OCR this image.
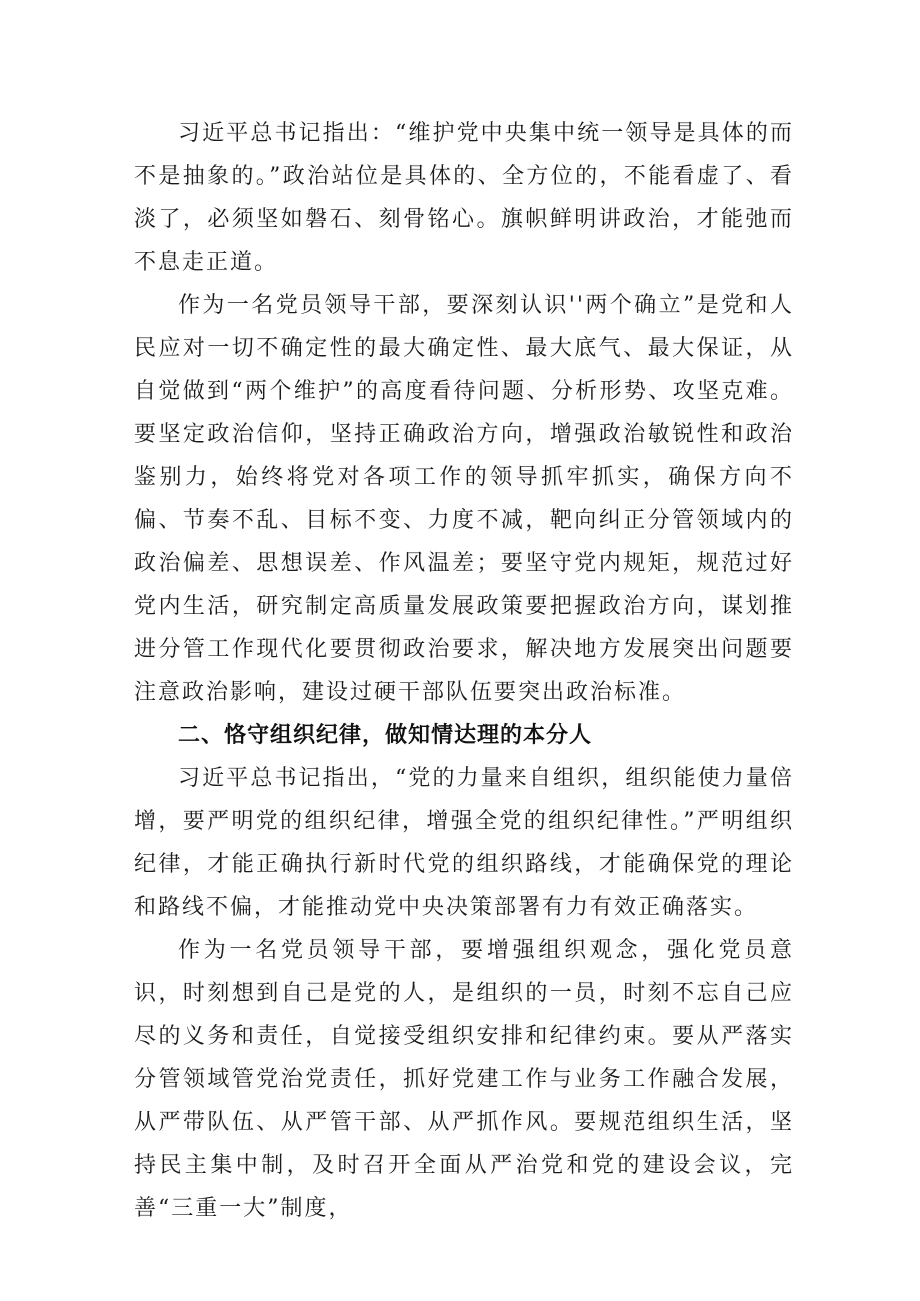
习近平总书记指出：“维护党中央集中统一领导是具体的而不是抽象的。”政治站位是具体的、全方位的，不能看虚了、看淡了，必须坚如磐石、刻骨铭心。旗帜鲜明讲政治，才能弛而不息走正道。

作为一名党员领导干部，要深刻认识''两个确立”是党和人民应对一切不确定性的最大确定性、最大底气、最大保证，从自觉做到“两个维护”的高度看待问题、分析形势、攻坚克难。要坚定政治信仰，坚持正确政治方向，增强政治敏锐性和政治鉴别力，始终将党对各项工作的领导抓牢抓实，确保方向不偏、节奏不乱、目标不变、力度不减，靶向纠正分管领域内的政治偏差、思想误差、作风温差；要坚守党内规矩，规范过好党内生活，研究制定高质量发展政策要把握政治方向，谋划推进分管工作现代化要贯彻政治要求，解决地方发展突出问题要注意政治影响，建设过硬干部队伍要突出政治标准。

二、恪守组织纪律，做知情达理的本分人

习近平总书记指出，“党的力量来自组织，组织能使力量倍增，要严明党的组织纪律，增强全党的组织纪律性。”严明组织纪律，才能正确执行新时代党的组织路线，才能确保党的理论和路线不偏，才能推动党中央决策部署有力有效正确落实。

作为一名党员领导干部，要增强组织观念，强化党员意识，时刻想到自己是党的人，是组织的一员，时刻不忘自己应尽的义务和责任，自觉接受组织安排和纪律约束。要从严落实分管领域管党治党责任，抓好党建工作与业务工作融合发展，从严带队伍、从严管干部、从严抓作风。要规范组织生活，坚持民主集中制，及时召开全面从严治党和党的建设会议，完善“三重一大”制度，
